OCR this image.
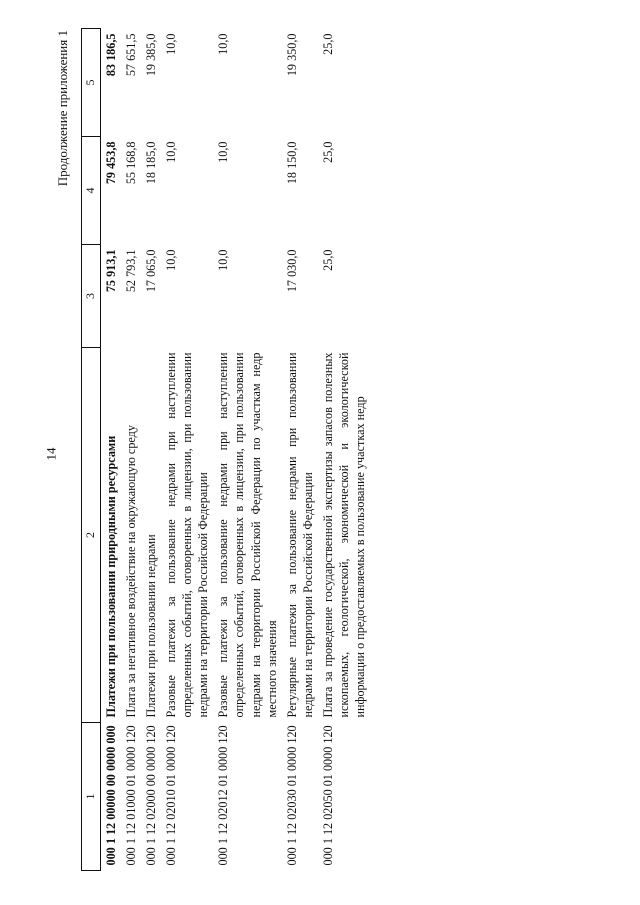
14
Продолжение приложения 1
1	2	3	4	5
000 1 12 00000 00 0000 000	Платежи при пользовании природными ресурсами	75 913,1	79 453,8	83 186,5
000 1 12 01000 01 0000 120	Плата за негативное воздействие на окружающую среду	52 793,1	55 168,8	57 651,5
000 1 12 02000 00 0000 120	Платежи при пользовании недрами	17 065,0	18 185,0	19 385,0
000 1 12 02010 01 0000 120	Разовые платежи за пользование недрами при наступлении определенных событий, оговоренных в лицензии, при пользовании недрами на территории Российской Федерации	10,0	10,0	10,0
000 1 12 02012 01 0000 120	Разовые платежи за пользование недрами при наступлении определенных событий, оговоренных в лицензии, при пользовании недрами на территории Российской Федерации по участкам недр местного значения	10,0	10,0	10,0
000 1 12 02030 01 0000 120	Регулярные платежи за пользование недрами при пользовании недрами на территории Российской Федерации	17 030,0	18 150,0	19 350,0
000 1 12 02050 01 0000 120	Плата за проведение государственной экспертизы запасов полезных ископаемых, геологической, экономической и экологической информации о предоставляемых в пользование участках недр	25,0	25,0	25,0
